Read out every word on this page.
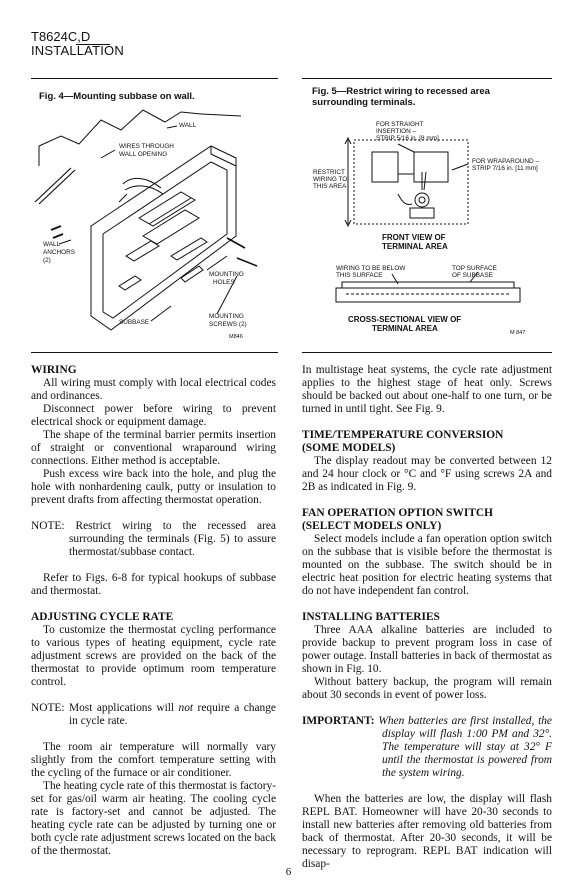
T8624C,D
INSTALLATION
Fig. 4—Mounting subbase on wall.
WALL
WIRES THROUGH
WALL OPENING
WALL
ANCHORS
(2)
MOUNTING
HOLES
SUBBASE
MOUNTING
SCREWS (2)
M846
Fig. 5—Restrict wiring to recessed area
surrounding terminals.
FOR STRAIGHT
INSERTION –
STRIP 5/16 in. [8 mm]
RESTRICT
WIRING TO
THIS AREA
FOR WRAPAROUND –
STRIP 7/16 in. [11 mm]
FRONT VIEW OF
TERMINAL AREA
WIRING TO BE BELOW
THIS SURFACE
TOP SURFACE
OF SUBBASE
CROSS-SECTIONAL VIEW OF
TERMINAL AREA	M 847
WIRING

All wiring must comply with local electrical codes and ordinances.

Disconnect power before wiring to prevent electrical shock or equipment damage.

The shape of the terminal barrier permits insertion of straight or conventional wraparound wiring connections. Either method is acceptable.

Push excess wire back into the hole, and plug the hole with nonhardening caulk, putty or insulation to prevent drafts from affecting thermostat operation.

NOTE: Restrict wiring to the recessed area surrounding the terminals (Fig. 5) to assure thermostat/subbase contact.

Refer to Figs. 6-8 for typical hookups of subbase and thermostat.

ADJUSTING CYCLE RATE

To customize the thermostat cycling performance to various types of heating equipment, cycle rate adjustment screws are provided on the back of the thermostat to provide optimum room temperature control.

NOTE: Most applications will not require a change in cycle rate.

The room air temperature will normally vary slightly from the comfort temperature setting with the cycling of the furnace or air conditioner.

The heating cycle rate of this thermostat is factory-set for gas/oil warm air heating. The cooling cycle rate is factory-set and cannot be adjusted. The heating cycle rate can be adjusted by turning one or both cycle rate adjustment screws located on the back of the thermostat.

In multistage heat systems, the cycle rate adjustment applies to the highest stage of heat only. Screws should be backed out about one-half to one turn, or be turned in until tight. See Fig. 9.

TIME/TEMPERATURE CONVERSION
(SOME MODELS)

The display readout may be converted between 12 and 24 hour clock or °C and °F using screws 2A and 2B as indicated in Fig. 9.

FAN OPERATION OPTION SWITCH
(SELECT MODELS ONLY)

Select models include a fan operation option switch on the subbase that is visible before the thermostat is mounted on the subbase. The switch should be in electric heat position for electric heating systems that do not have independent fan control.

INSTALLING BATTERIES

Three AAA alkaline batteries are included to provide backup to prevent program loss in case of power outage. Install batteries in back of thermostat as shown in Fig. 10.

Without battery backup, the program will remain about 30 seconds in event of power loss.

IMPORTANT: When batteries are first installed, the display will flash 1:00 PM and 32°. The temperature will stay at 32° F until the thermostat is powered from the system wiring.

When the batteries are low, the display will flash REPL BAT. Homeowner will have 20-30 seconds to install new batteries after removing old batteries from back of thermostat. After 20-30 seconds, it will be necessary to reprogram. REPL BAT indication will disap-

6
